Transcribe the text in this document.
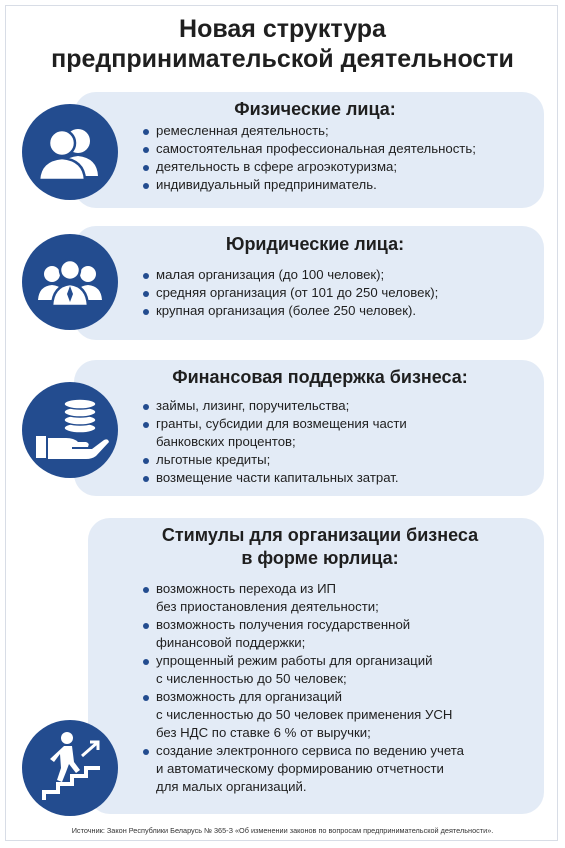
Новая структура
предпринимательской деятельности
Физические лица:
ремесленная деятельность;
самостоятельная профессиональная деятельность;
деятельность в сфере агроэкотуризма;
индивидуальный предприниматель.
Юридические лица:
малая организация (до 100 человек);
средняя организация (от 101 до 250 человек);
крупная организация (более 250 человек).
Финансовая поддержка бизнеса:
займы, лизинг, поручительства;
гранты, субсидии для возмещения части
банковских процентов;
льготные кредиты;
возмещение части капитальных затрат.
Стимулы для организации бизнеса
в форме юрлица:
возможность перехода из ИП
без приостановления деятельности;
возможность получения государственной
финансовой поддержки;
упрощенный режим работы для организаций
с численностью до 50 человек;
возможность для организаций
с численностью до 50 человек применения УСН
без НДС по ставке 6 % от выручки;
создание электронного сервиса по ведению учета
и автоматическому формированию отчетности
для малых организаций.
Источник: Закон Республики Беларусь № 365-З «Об изменении законов по вопросам предпринимательской деятельности».
